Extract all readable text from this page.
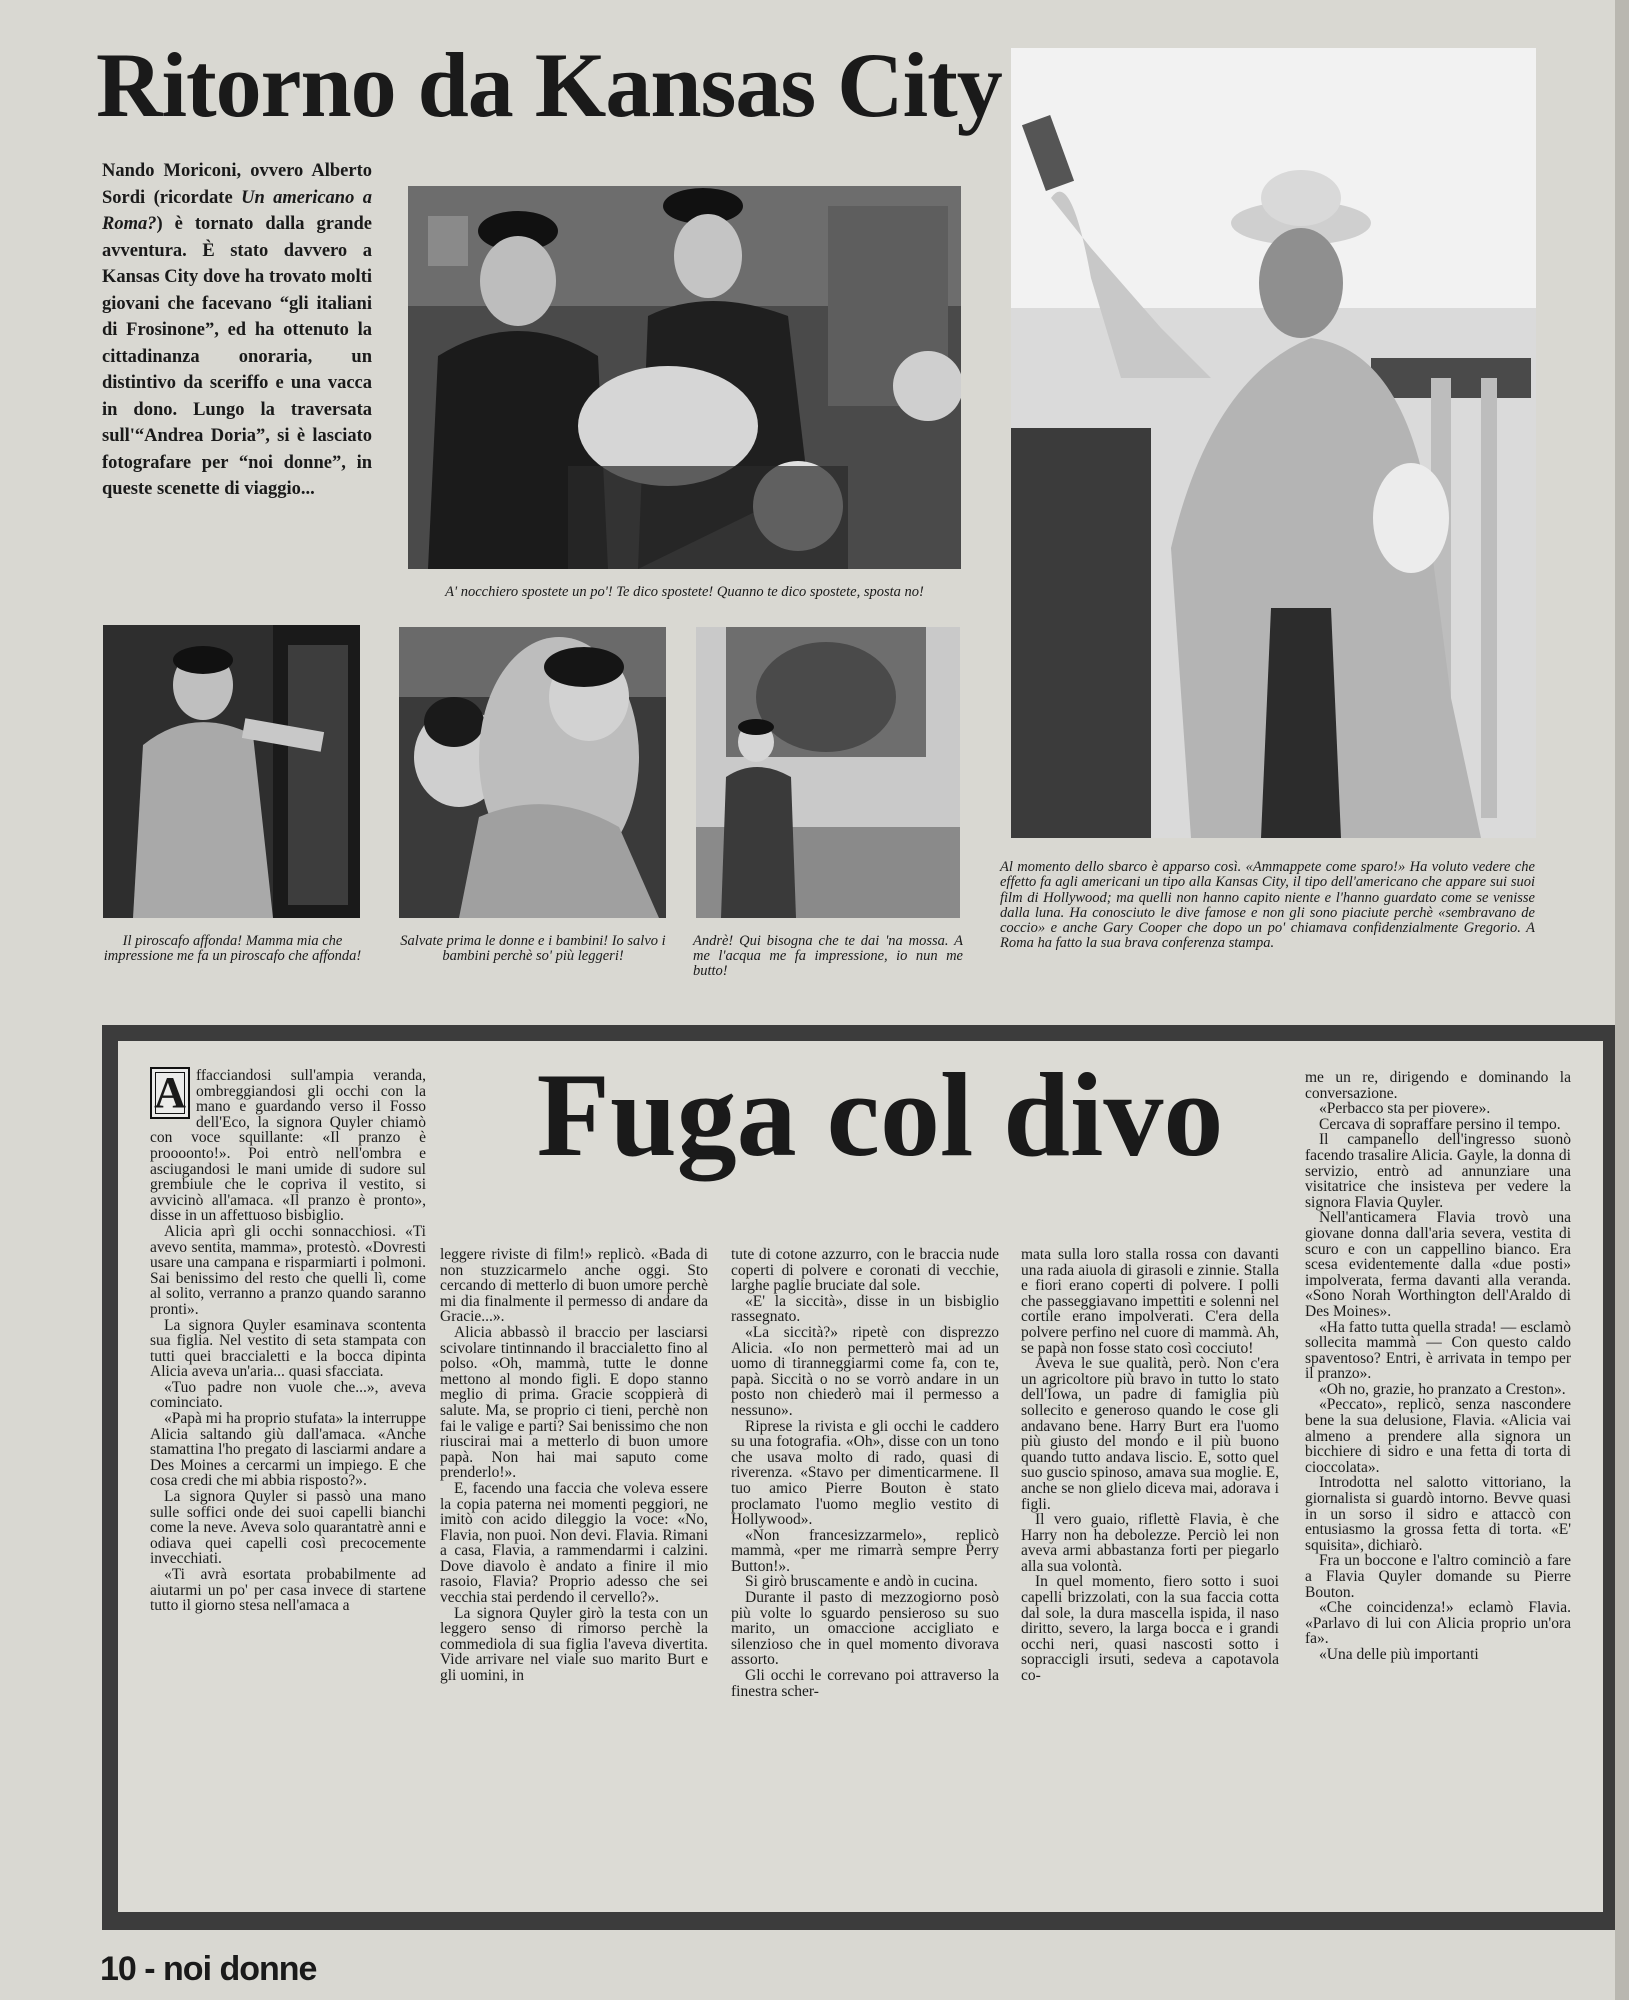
Ritorno da Kansas City
Nando Moriconi, ovvero Alberto Sordi (ricordate Un americano a Roma?) è tornato dalla grande avventura. È stato davvero a Kansas City dove ha trovato molti giovani che facevano “gli italiani di Frosinone”, ed ha ottenuto la cittadinanza onoraria, un distintivo da sceriffo e una vacca in dono. Lungo la traversata sull'“Andrea Doria”, si è lasciato fotografare per “noi donne”, in queste scenette di viaggio...
A' nocchiero spostete un po'! Te dico spostete! Quanno te dico spostete, sposta no!
Al momento dello sbarco è apparso così. «Ammappete come sparo!» Ha voluto vedere che effetto fa agli americani un tipo alla Kansas City, il tipo dell'americano che appare sui suoi film di Hollywood; ma quelli non hanno capito niente e l'hanno guardato come se venisse dalla luna. Ha conosciuto le dive famose e non gli sono piaciute perchè «sembravano de coccio» e anche Gary Cooper che dopo un po' chiamava confidenzialmente Gregorio. A Roma ha fatto la sua brava conferenza stampa.
Il piroscafo affonda! Mamma mia che impressione me fa un piroscafo che affonda!
Salvate prima le donne e i bambini! Io salvo i bambini perchè so' più leggeri!
Andrè! Qui bisogna che te dai 'na mossa. A me l'acqua me fa impressione, io nun me butto!
Fuga col divo
A ffacciandosi sull'ampia veranda, ombreggiandosi gli occhi con la mano e guardando verso il Fosso dell'Eco, la signora Quyler chiamò con voce squillante: «Il pranzo è proooonto!». Poi entrò nell'ombra e asciugandosi le mani umide di sudore sul grembiule che le copriva il vestito, si avvicinò all'amaca. «Il pranzo è pronto», disse in un affettuoso bisbiglio.

Alicia aprì gli occhi sonnacchiosi. «Ti avevo sentita, mamma», protestò. «Dovresti usare una campana e risparmiarti i polmoni. Sai benissimo del resto che quelli lì, come al solito, verranno a pranzo quando saranno pronti».

La signora Quyler esaminava scontenta sua figlia. Nel vestito di seta stampata con tutti quei braccialetti e la bocca dipinta Alicia aveva un'aria... quasi sfacciata.

«Tuo padre non vuole che...», aveva cominciato.

«Papà mi ha proprio stufata» la interruppe Alicia saltando giù dall'amaca. «Anche stamattina l'ho pregato di lasciarmi andare a Des Moines a cercarmi un impiego. E che cosa credi che mi abbia risposto?».

La signora Quyler si passò una mano sulle soffici onde dei suoi capelli bianchi come la neve. Aveva solo quarantatrè anni e odiava quei capelli così precocemente invecchiati.

«Ti avrà esortata probabilmente ad aiutarmi un po' per casa invece di startene tutto il giorno stesa nell'amaca a

leggere riviste di film!» replicò. «Bada di non stuzzicarmelo anche oggi. Sto cercando di metterlo di buon umore perchè mi dia finalmente il permesso di andare da Gracie...».

Alicia abbassò il braccio per lasciarsi scivolare tintinnando il braccialetto fino al polso. «Oh, mammà, tutte le donne mettono al mondo figli. E dopo stanno meglio di prima. Gracie scoppierà di salute. Ma, se proprio ci tieni, perchè non fai le valige e parti? Sai benissimo che non riuscirai mai a metterlo di buon umore papà. Non hai mai saputo come prenderlo!».

E, facendo una faccia che voleva essere la copia paterna nei momenti peggiori, ne imitò con acido dileggio la voce: «No, Flavia, non puoi. Non devi. Flavia. Rimani a casa, Flavia, a rammendarmi i calzini. Dove diavolo è andato a finire il mio rasoio, Flavia? Proprio adesso che sei vecchia stai perdendo il cervello?».

La signora Quyler girò la testa con un leggero senso di rimorso perchè la commediola di sua figlia l'aveva divertita. Vide arrivare nel viale suo marito Burt e gli uomini, in

tute di cotone azzurro, con le braccia nude coperti di polvere e coronati di vecchie, larghe paglie bruciate dal sole.

«E' la siccità», disse in un bisbiglio rassegnato.

«La siccità?» ripetè con disprezzo Alicia. «Io non permetterò mai ad un uomo di tiranneggiarmi come fa, con te, papà. Siccità o no se vorrò andare in un posto non chiederò mai il permesso a nessuno».

Riprese la rivista e gli occhi le caddero su una fotografia. «Oh», disse con un tono che usava molto di rado, quasi di riverenza. «Stavo per dimenticarmene. Il tuo amico Pierre Bouton è stato proclamato l'uomo meglio vestito di Hollywood».

«Non francesizzarmelo», replicò mammà, «per me rimarrà sempre Perry Button!».

Si girò bruscamente e andò in cucina.

Durante il pasto di mezzogiorno posò più volte lo sguardo pensieroso su suo marito, un omaccione accigliato e silenzioso che in quel momento divorava assorto.

Gli occhi le correvano poi attraverso la finestra scher-

mata sulla loro stalla rossa con davanti una rada aiuola di girasoli e zinnie. Stalla e fiori erano coperti di polvere. I polli che passeggiavano impettiti e solenni nel cortile erano impolverati. C'era della polvere perfino nel cuore di mammà. Ah, se papà non fosse stato così cocciuto!

Aveva le sue qualità, però. Non c'era un agricoltore più bravo in tutto lo stato dell'Iowa, un padre di famiglia più sollecito e generoso quando le cose gli andavano bene. Harry Burt era l'uomo più giusto del mondo e il più buono quando tutto andava liscio. E, sotto quel suo guscio spinoso, amava sua moglie. E, anche se non glielo diceva mai, adorava i figli.

Il vero guaio, riflettè Flavia, è che Harry non ha debolezze. Perciò lei non aveva armi abbastanza forti per piegarlo alla sua volontà.

In quel momento, fiero sotto i suoi capelli brizzolati, con la sua faccia cotta dal sole, la dura mascella ispida, il naso diritto, severo, la larga bocca e i grandi occhi neri, quasi nascosti sotto i sopraccigli irsuti, sedeva a capotavola co-

me un re, dirigendo e dominando la conversazione.

«Perbacco sta per piovere».

Cercava di sopraffare persino il tempo.

Il campanello dell'ingresso suonò facendo trasalire Alicia. Gayle, la donna di servizio, entrò ad annunziare una visitatrice che insisteva per vedere la signora Flavia Quyler.

Nell'anticamera Flavia trovò una giovane donna dall'aria severa, vestita di scuro e con un cappellino bianco. Era scesa evidentemente dalla «due posti» impolverata, ferma davanti alla veranda. «Sono Norah Worthington dell'Araldo di Des Moines».

«Ha fatto tutta quella strada! — esclamò sollecita mammà — Con questo caldo spaventoso? Entri, è arrivata in tempo per il pranzo».

«Oh no, grazie, ho pranzato a Creston».

«Peccato», replicò, senza nascondere bene la sua delusione, Flavia. «Alicia vai almeno a prendere alla signora un bicchiere di sidro e una fetta di torta di cioccolata».

Introdotta nel salotto vittoriano, la giornalista si guardò intorno. Bevve quasi in un sorso il sidro e attaccò con entusiasmo la grossa fetta di torta. «E' squisita», dichiarò.

Fra un boccone e l'altro cominciò a fare a Flavia Quyler domande su Pierre Bouton.

«Che coincidenza!» eclamò Flavia. «Parlavo di lui con Alicia proprio un'ora fa».

«Una delle più importanti

10 - noi donne
